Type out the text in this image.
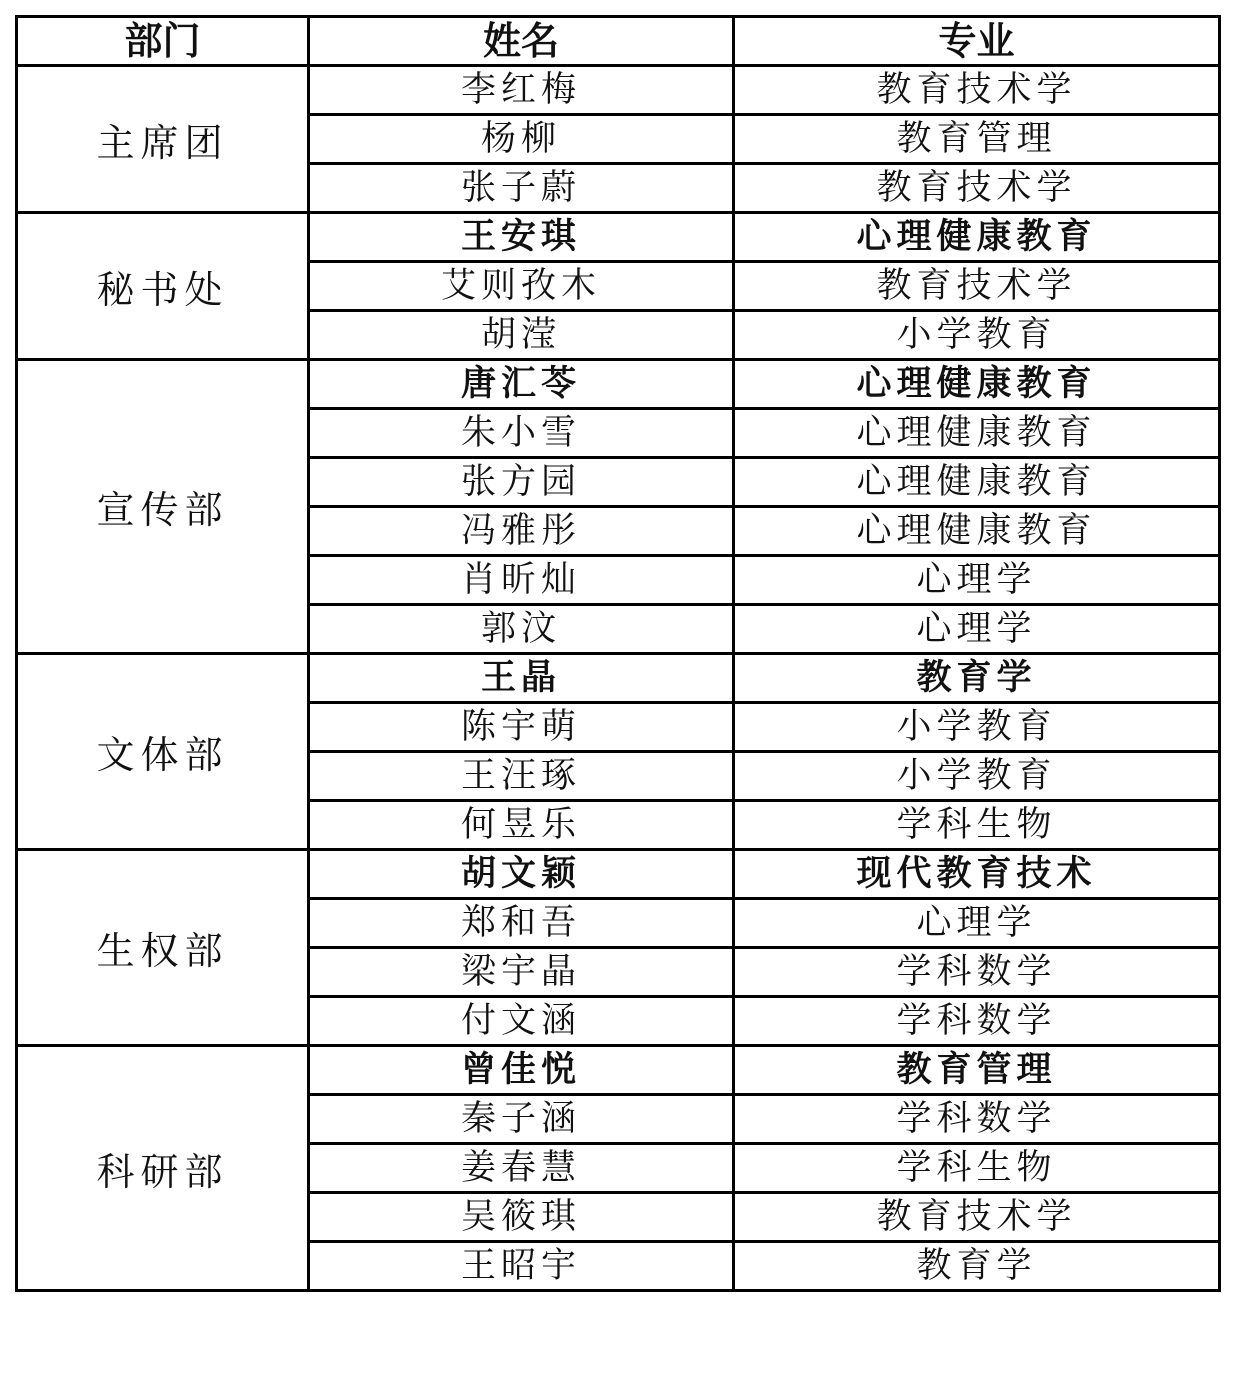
部门	姓名	专业
主席团	李红梅	教育技术学
	杨柳	教育管理
	张子蔚	教育技术学
秘书处	王安琪	心理健康教育
	艾则孜木	教育技术学
	胡滢	小学教育
宣传部	唐汇苓	心理健康教育
	朱小雪	心理健康教育
	张方园	心理健康教育
	冯雅彤	心理健康教育
	肖昕灿	心理学
	郭汶	心理学
文体部	王晶	教育学
	陈宇萌	小学教育
	王汪琢	小学教育
	何昱乐	学科生物
生权部	胡文颖	现代教育技术
	郑和吾	心理学
	梁宇晶	学科数学
	付文涵	学科数学
科研部	曾佳悦	教育管理
	秦子涵	学科数学
	姜春慧	学科生物
	吴筱琪	教育技术学
	王昭宇	教育学
